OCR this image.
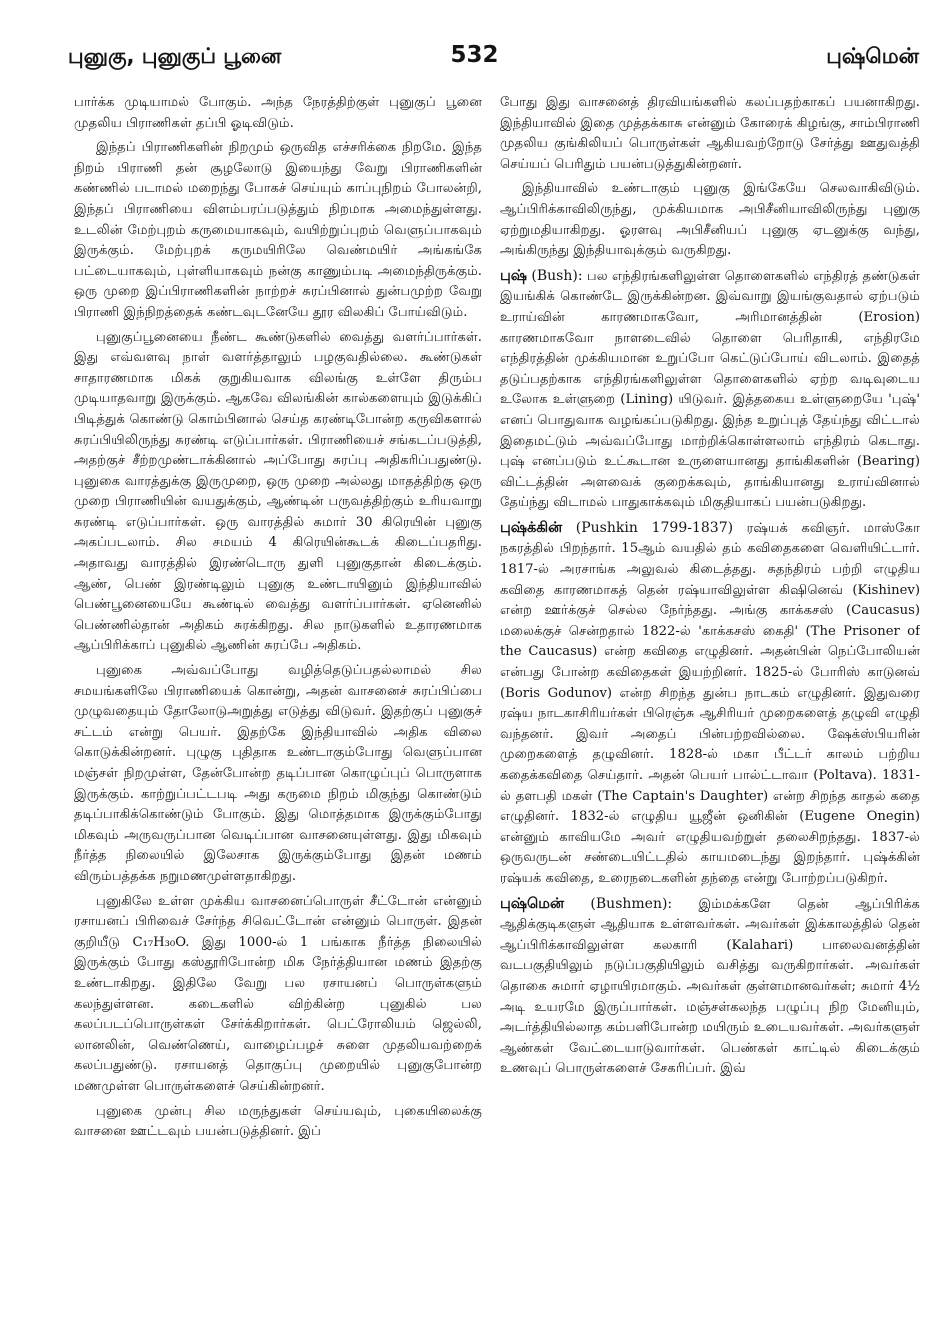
புனுகு, புனுகுப் பூனை	532	புஷ்மென்

பார்க்க முடியாமல் போகும். அந்த நேரத்திற்குள் புனுகுப் பூனை முதலிய பிராணிகள் தப்பி ஓடிவிடும்.

இந்தப் பிராணிகளின் நிறமும் ஒருவித எச்சரிக்கை நிறமே. இந்த நிறம் பிராணி தன் சூழலோடு இயைந்து வேறு பிராணிகளின் கண்ணில் படாமல் மறைந்து போகச் செய்யும் காப்புநிறம் போலன்றி, இந்தப் பிராணியை விளம்பரப்படுத்தும் நிறமாக அமைந்துள்ளது. உடலின் மேற்புறம் கருமையாகவும், வயிற்றுப்புறம் வெளுப்பாகவும் இருக்கும். மேற்புறக் கருமயிரிலே வெண்மயிர் அங்கங்கே பட்டையாகவும், புள்ளியாகவும் நன்கு காணும்படி அமைந்திருக்கும். ஒரு முறை இப்பிராணிகளின் நாற்றச் சுரப்பினால் துன்பமுற்ற வேறு பிராணி இந்நிறத்தைக் கண்டவுடனேயே தூர விலகிப் போய்விடும்.

புனுகுப்பூனையை நீண்ட கூண்டுகளில் வைத்து வளர்ப்பார்கள். இது எவ்வளவு நாள் வளர்த்தாலும் பழகுவதில்லை. கூண்டுகள் சாதாரணமாக மிகக் குறுகியவாக விலங்கு உள்ளே திரும்ப முடியாதவாறு இருக்கும். ஆகவே விலங்கின் கால்களையும் இடுக்கிப் பிடித்துக் கொண்டு கொம்பினால் செய்த கரண்டிபோன்ற கருவிகளால் சுரப்பியிலிருந்து சுரண்டி எடுப்பார்கள். பிராணியைச் சங்கடப்படுத்தி, அதற்குச் சீற்றமுண்டாக்கினால் அப்போது சுரப்பு அதிகரிப்பதுண்டு. புனுகை வாரத்துக்கு இருமுறை, ஒரு முறை அல்லது மாதத்திற்கு ஒரு முறை பிராணியின் வயதுக்கும், ஆண்டின் பருவத்திற்கும் உரியவாறு சுரண்டி எடுப்பார்கள். ஒரு வாரத்தில் சுமார் 30 கிரெயின் புனுகு அகப்படலாம். சில சமயம் 4 கிரெயின்கூடக் கிடைப்பதரிது. அதாவது வாரத்தில் இரண்டொரு துளி புனுகுதான் கிடைக்கும். ஆண், பெண் இரண்டிலும் புனுகு உண்டாயினும் இந்தியாவில் பெண்பூனையையே கூண்டில் வைத்து வளர்ப்பார்கள். ஏனெனில் பெண்ணில்தான் அதிகம் சுரக்கிறது. சில நாடுகளில் உதாரணமாக ஆப்பிரிக்காப் புனுகில் ஆணின் சுரப்பே அதிகம்.

புனுகை அவ்வப்போது வழித்தெடுப்பதல்லாமல் சில சமயங்களிலே பிராணியைக் கொன்று, அதன் வாசனைச் சுரப்பிப்பை முழுவதையும் தோலோடுஅறுத்து எடுத்து விடுவர். இதற்குப் புனுகுச் சட்டம் என்று பெயர். இதற்கே இந்தியாவில் அதிக விலை கொடுக்கின்றனர். புழுகு புதிதாக உண்டாகும்போது வெளுப்பான மஞ்சள் நிறமுள்ள, தேன்போன்ற தடிப்பான கொழுப்புப் பொருளாக இருக்கும். காற்றுப்பட்டபடி அது கருமை நிறம் மிகுந்து கொண்டும் தடிப்பாகிக்கொண்டும் போகும். இது மொத்தமாக இருக்கும்போது மிகவும் அருவருப்பான வெடிப்பான வாசனையுள்ளது. இது மிகவும் நீர்த்த நிலையில் இலேசாக இருக்கும்போது இதன் மணம் விரும்பத்தக்க நறுமணமுள்ளதாகிறது.

புனுகிலே உள்ள முக்கிய வாசனைப்பொருள் சீட்டோன் என்னும் ரசாயனப் பிரிவைச் சேர்ந்த சிவெட்டோன் என்னும் பொருள். இதன் குறியீடு C₁₇H₃₀O. இது 1000-ல் 1 பங்காக நீர்த்த நிலையில் இருக்கும் போது கஸ்தூரிபோன்ற மிக நேர்த்தியான மணம் இதற்கு உண்டாகிறது. இதிலே வேறு பல ரசாயனப் பொருள்களும் கலந்துள்ளன. கடைகளில் விற்கின்ற புனுகில் பல கலப்படப்பொருள்கள் சேர்க்கிறார்கள். பெட்ரோலியம் ஜெல்லி, லானலின், வெண்ணெய், வாழைப்பழச் சுளை முதலியவற்றைக் கலப்பதுண்டு. ரசாயனத் தொகுப்பு முறையில் புனுகுபோன்ற மணமுள்ள பொருள்களைச் செய்கின்றனர்.

புனுகை முன்பு சில மருந்துகள் செய்யவும், புகையிலைக்கு வாசனை ஊட்டவும் பயன்படுத்தினர். இப்

போது இது வாசனைத் திரவியங்களில் கலப்பதற்காகப் பயனாகிறது. இந்தியாவில் இதை முத்தக்காசு என்னும் கோரைக் கிழங்கு, சாம்பிராணி முதலிய குங்கிலியப் பொருள்கள் ஆகியவற்றோடு சேர்த்து ஊதுவத்தி செய்யப் பெரிதும் பயன்படுத்துகின்றனர்.

இந்தியாவில் உண்டாகும் புனுகு இங்கேயே செலவாகிவிடும். ஆப்பிரிக்காவிலிருந்து, முக்கியமாக அபிசீனியாவிலிருந்து புனுகு ஏற்றுமதியாகிறது. ஓரளவு அபிசீனியப் புனுகு ஏடனுக்கு வந்து, அங்கிருந்து இந்தியாவுக்கும் வருகிறது.

புஷ் (Bush): பல எந்திரங்களிலுள்ள தொளைகளில் எந்திரத் தண்டுகள் இயங்கிக் கொண்டே இருக்கின்றன. இவ்வாறு இயங்குவதால் ஏற்படும் உராய்வின் காரணமாகவோ, அரிமானத்தின் (Erosion) காரணமாகவோ நாளடைவில் தொளை பெரிதாகி, எந்திரமே எந்திரத்தின் முக்கியமான உறுப்போ கெட்டுப்போய் விடலாம். இதைத் தடுப்பதற்காக எந்திரங்களிலுள்ள தொளைகளில் ஏற்ற வடிவுடைய உலோக உள்ளுறை (Lining) யிடுவர். இத்தகைய உள்ளுறையே 'புஷ்' எனப் பொதுவாக வழங்கப்படுகிறது. இந்த உறுப்புத் தேய்ந்து விட்டால் இதைமட்டும் அவ்வப்போது மாற்றிக்கொள்ளலாம் எந்திரம் கெடாது. புஷ் எனப்படும் உட்கூடான உருளையானது தாங்கிகளின் (Bearing) விட்டத்தின் அளவைக் குறைக்கவும், தாங்கியானது உராய்வினால் தேய்ந்து விடாமல் பாதுகாக்கவும் மிகுதியாகப் பயன்படுகிறது.

புஷ்க்கின் (Pushkin 1799-1837) ரஷ்யக் கவிஞர். மாஸ்கோ நகரத்தில் பிறந்தார். 15ஆம் வயதில் தம் கவிதைகளை வெளியிட்டார். 1817-ல் அரசாங்க அலுவல் கிடைத்தது. சுதந்திரம் பற்றி எழுதிய கவிதை காரணமாகத் தென் ரஷ்யாவிலுள்ள கிஷினெவ் (Kishinev) என்ற ஊர்க்குச் செல்ல நேர்ந்தது. அங்கு காக்கசஸ் (Caucasus) மலைக்குச் சென்றதால் 1822-ல் 'காக்கசஸ் கைதி' (The Prisoner of the Caucasus) என்ற கவிதை எழுதினர். அதன்பின் நெப்போலியன் என்பது போன்ற கவிதைகள் இயற்றினர். 1825-ல் போரிஸ் காடுனவ் (Boris Godunov) என்ற சிறந்த துன்ப நாடகம் எழுதினர். இதுவரை ரஷ்ய நாடகாசிரியர்கள் பிரெஞ்சு ஆசிரியர் முறைகளைத் தழுவி எழுதி வந்தனர். இவர் அதைப் பின்பற்றவில்லை. ஷேக்ஸ்பியரின் முறைகளைத் தழுவினர். 1828-ல் மகா பீட்டர் காலம் பற்றிய கதைக்கவிதை செய்தார். அதன் பெயர் பால்ட்டாவா (Poltava). 1831-ல் தளபதி மகள் (The Captain's Daughter) என்ற சிறந்த காதல் கதை எழுதினர். 1832-ல் எழுதிய யூஜீன் ஒனிகின் (Eugene Onegin) என்னும் காவியமே அவர் எழுதியவற்றுள் தலைசிறந்தது. 1837-ல் ஒருவருடன் சண்டையிட்டதில் காயமடைந்து இறந்தார். புஷ்க்கின் ரஷ்யக் கவிதை, உரைநடைகளின் தந்தை என்று போற்றப்படுகிறர்.

புஷ்மென் (Bushmen): இம்மக்களே தென் ஆப்பிரிக்க ஆதிக்குடிகளுள் ஆதியாக உள்ளவர்கள். அவர்கள் இக்காலத்தில் தென் ஆப்பிரிக்காவிலுள்ள கலகாரி (Kalahari) பாலைவனத்தின் வடபகுதியிலும் நடுப்பகுதியிலும் வசித்து வருகிறார்கள். அவர்கள் தொகை சுமார் ஏழாயிரமாகும். அவர்கள் குள்ளமானவர்கள்; சுமார் 4½ அடி உயரமே இருப்பார்கள். மஞ்சள்கலந்த பழுப்பு நிற மேனியும், அடர்த்தியில்லாத கம்பளிபோன்ற மயிரும் உடையவர்கள். அவர்களுள் ஆண்கள் வேட்டையாடுவார்கள். பெண்கள் காட்டில் கிடைக்கும் உணவுப் பொருள்களைச் சேகரிப்பர். இவ்
